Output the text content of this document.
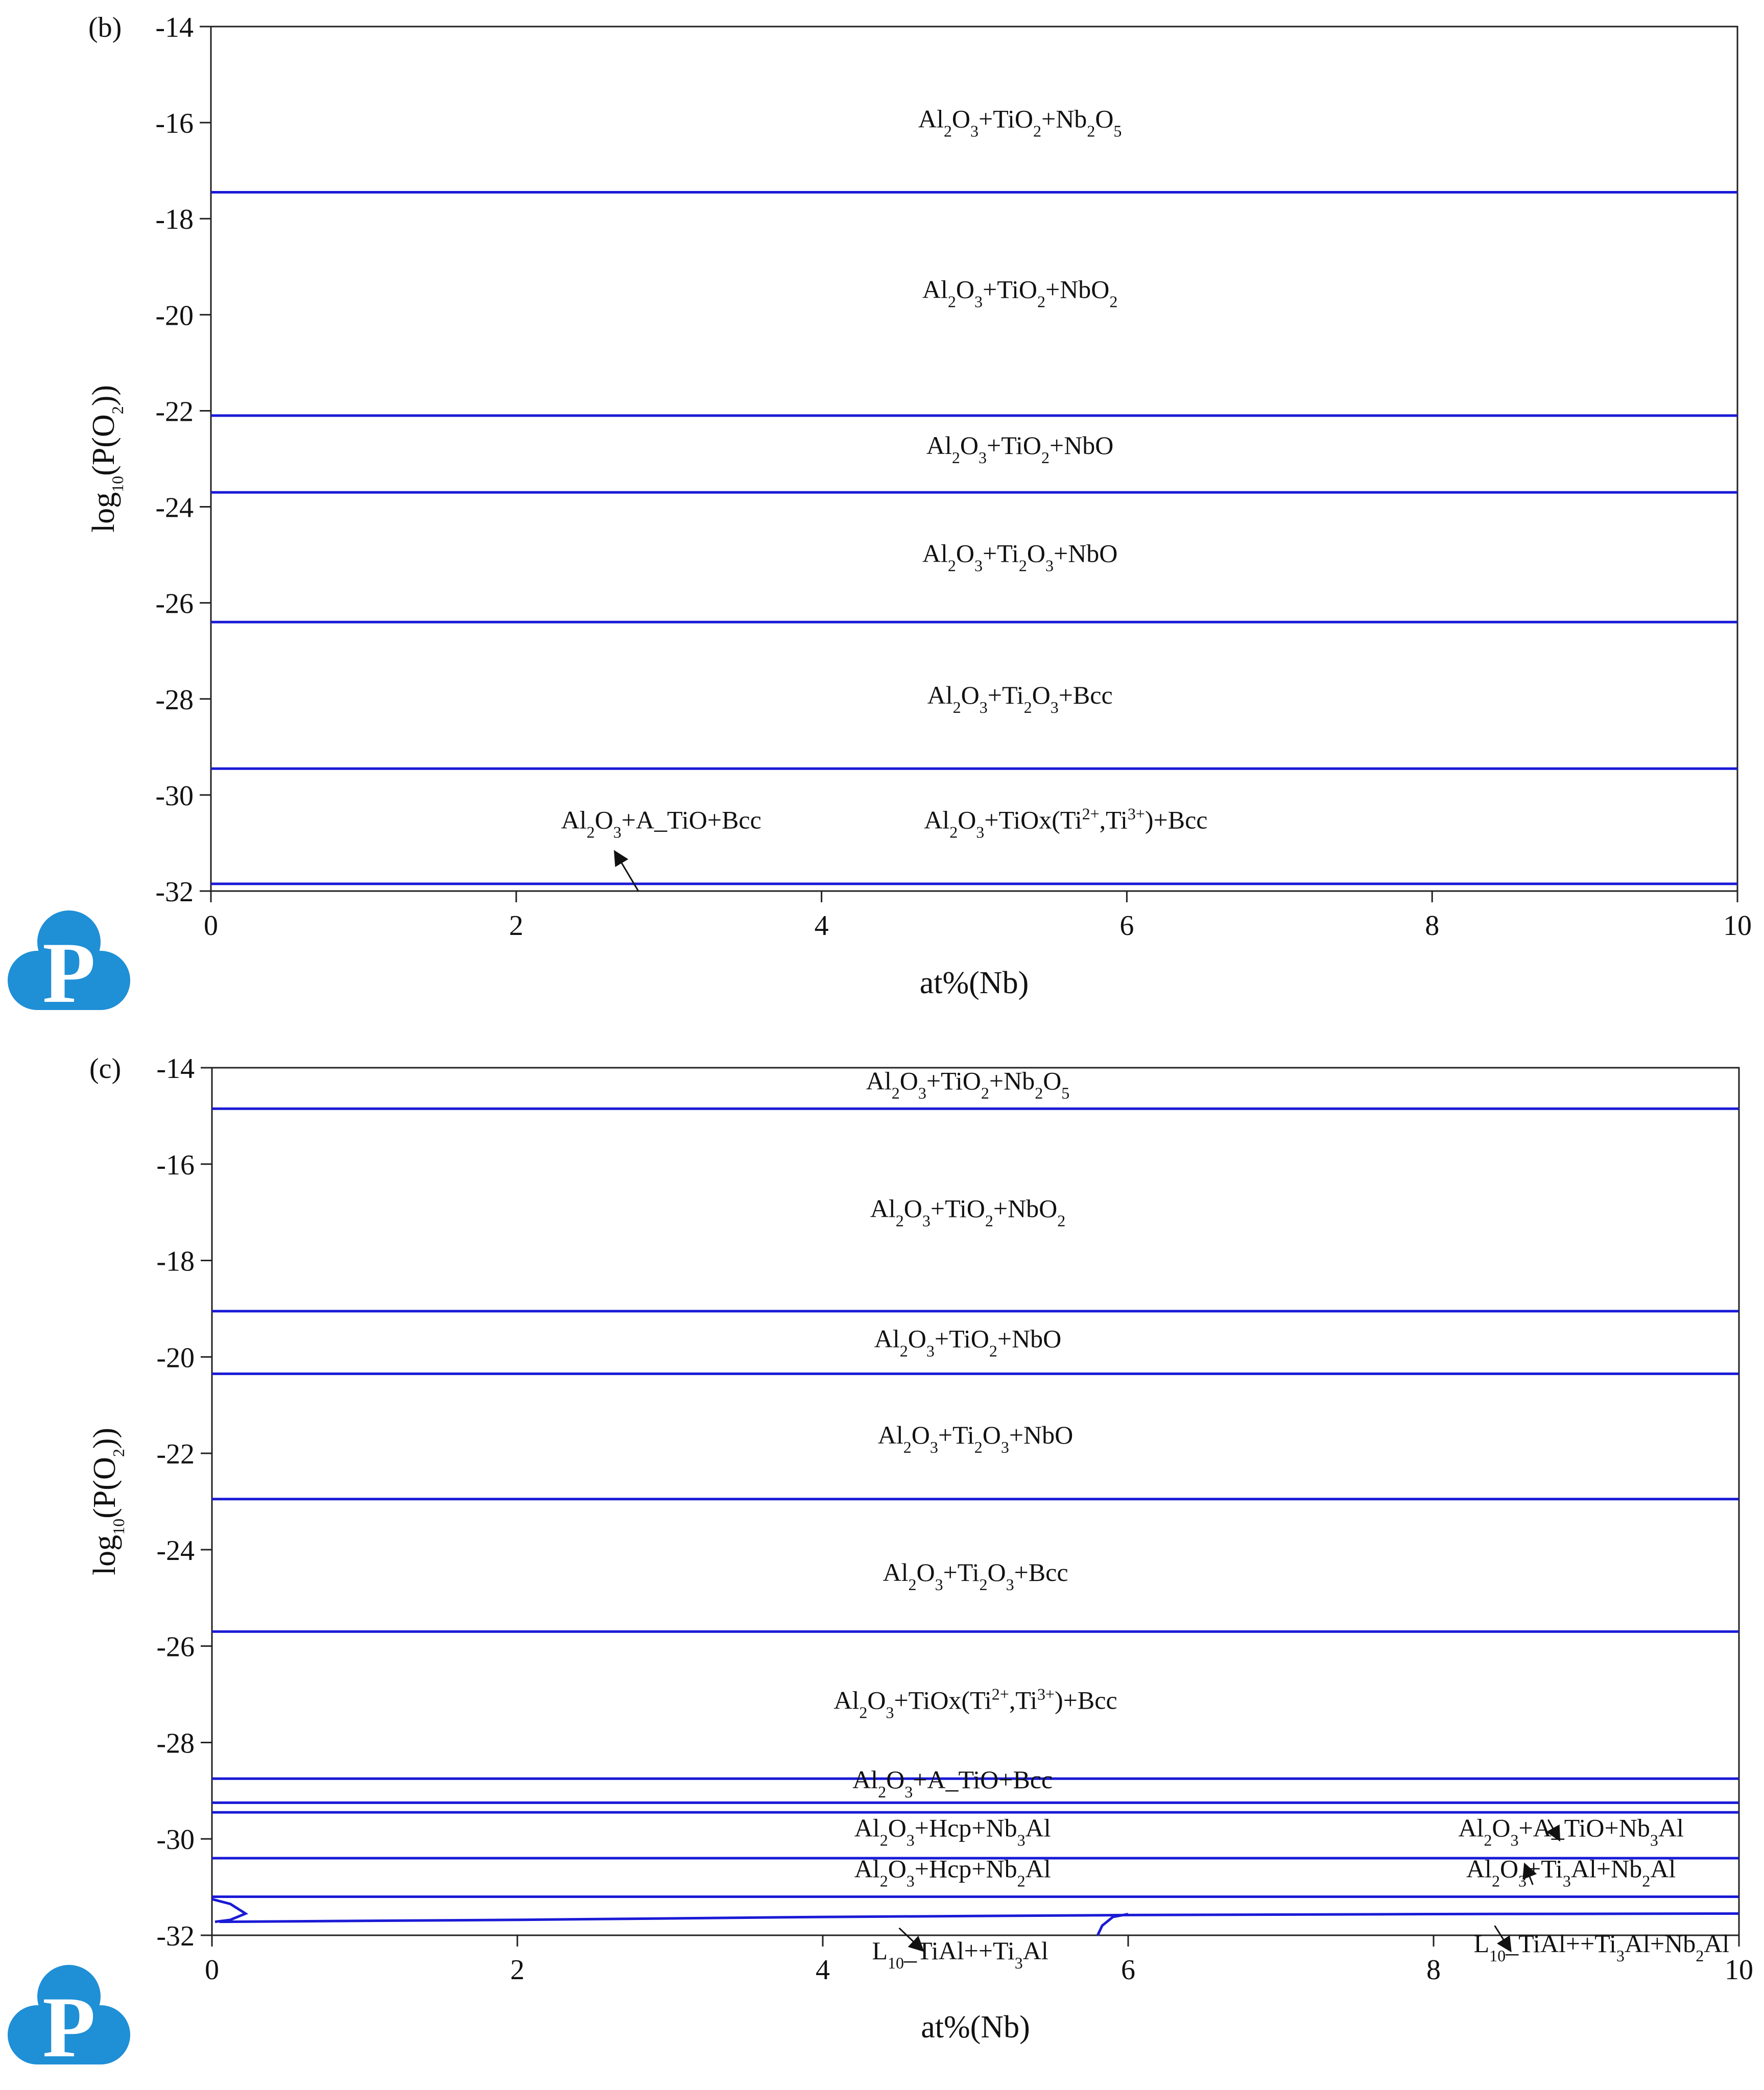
-14
-16
-18
-20
-22
-24
-26
-28
-30
-32
0	2	4	6	8	10
(b)
at%(Nb)
$\log_{10}(P(O_2))$
$Al_2O_3+TiO_2+Nb_2O_5$
$Al_2O_3+TiO_2+NbO_2$
$Al_2O_3+TiO_2+NbO$
$Al_2O_3+Ti_2O_3+NbO$
$Al_2O_3+Ti_2O_3+Bcc$
$Al_2O_3+TiOx(Ti^{2+},Ti^{3+})+Bcc$
$Al_2O_3+A\_TiO+Bcc$
-14
-16
-18
-20
-22
-24
-26
-28
-30
-32
0	2	4	6	8	10
(c)
at%(Nb)
$\log_{10}(P(O_2))$
$Al_2O_3+TiO_2+Nb_2O_5$
$Al_2O_3+TiO_2+NbO_2$
$Al_2O_3+TiO_2+NbO$
$Al_2O_3+Ti_2O_3+NbO$
$Al_2O_3+Ti_2O_3+Bcc$
$Al_2O_3+TiOx(Ti^{2+},Ti^{3+})+Bcc$
$Al_2O_3+A\_TiO+Bcc$
$Al_2O_3+Hcp+Nb_3Al$
$Al_2O_3+Hcp+Nb_2Al$
$Al_2O_3+A\_TiO+Nb_3Al$
$Al_2O_3+Ti_3Al+Nb_2Al$
$L_{10}\_TiAl++Ti_3Al$	$L_{10}\_TiAl++Ti_3Al+Nb_2Al$
P
P
